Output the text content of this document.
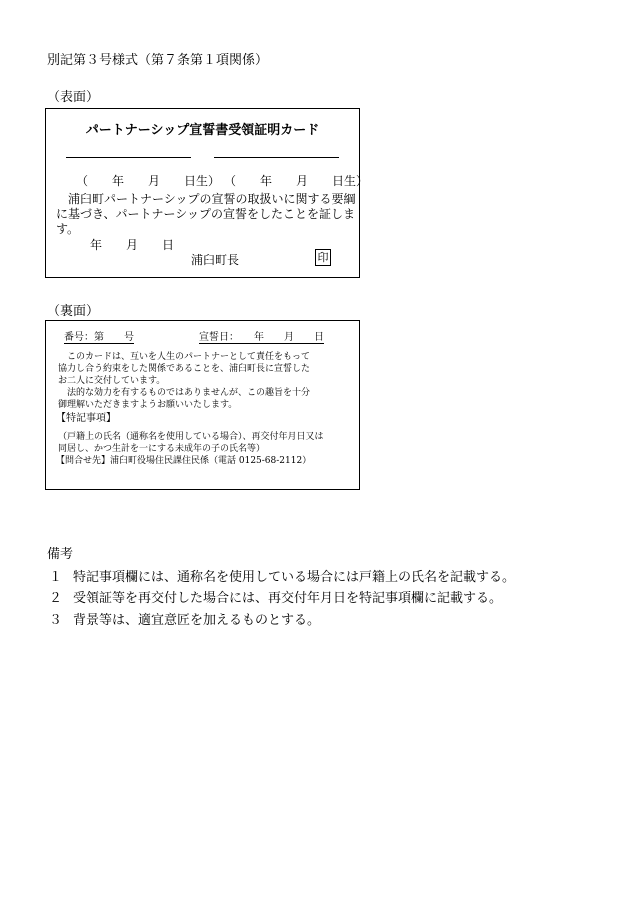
別記第３号様式（第７条第１項関係）
（表面）
パートナーシップ宣誓書受領証明カード
（　　年　　月　　日生） （　　年　　月　　日生）
　浦臼町パートナーシップの宣誓の取扱いに関する要綱
に基づき、パートナーシップの宣誓をしたことを証しま
す。
年　　月　　日
浦臼町長	印
（裏面）
番号：第　　号	宣誓日：　　年　　月　　日
　このカードは、互いを人生のパートナーとして責任をもって
協力し合う約束をした関係であることを、浦臼町長に宣誓した
お二人に交付しています。
　法的な効力を有するものではありませんが、この趣旨を十分
御理解いただきますようお願いいたします。
【特記事項】
（戸籍上の氏名（通称名を使用している場合）、再交付年月日又は
同居し、かつ生計を一にする未成年の子の氏名等）
【問合せ先】浦臼町役場住民課住民係（電話 0125-68-2112）
備考
１ 特記事項欄には、通称名を使用している場合には戸籍上の氏名を記載する。
２ 受領証等を再交付した場合には、再交付年月日を特記事項欄に記載する。
３ 背景等は、適宜意匠を加えるものとする。
